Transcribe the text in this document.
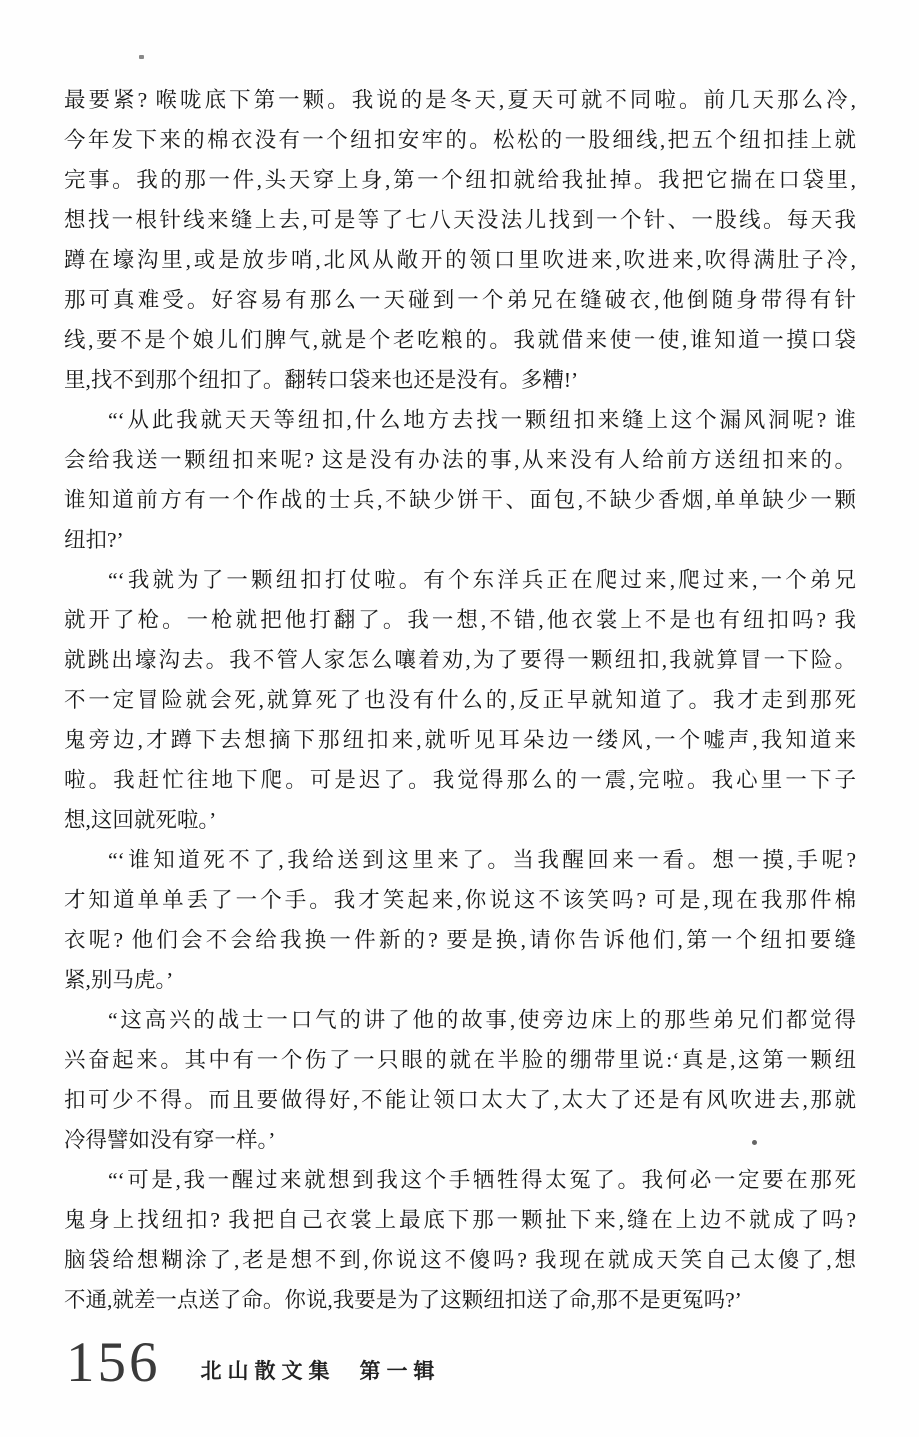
最要紧? 喉咙底下第一颗。我说的是冬天,夏天可就不同啦。前几天那么冷,
今年发下来的棉衣没有一个纽扣安牢的。松松的一股细线,把五个纽扣挂上就
完事。我的那一件,头天穿上身,第一个纽扣就给我扯掉。我把它揣在口袋里,
想找一根针线来缝上去,可是等了七八天没法儿找到一个针、一股线。每天我
蹲在壕沟里,或是放步哨,北风从敞开的领口里吹进来,吹进来,吹得满肚子冷,
那可真难受。好容易有那么一天碰到一个弟兄在缝破衣,他倒随身带得有针
线,要不是个娘儿们脾气,就是个老吃粮的。我就借来使一使,谁知道一摸口袋
里,找不到那个纽扣了。翻转口袋来也还是没有。多糟!’
“‘从此我就天天等纽扣,什么地方去找一颗纽扣来缝上这个漏风洞呢? 谁
会给我送一颗纽扣来呢? 这是没有办法的事,从来没有人给前方送纽扣来的。
谁知道前方有一个作战的士兵,不缺少饼干、面包,不缺少香烟,单单缺少一颗
纽扣?’
“‘我就为了一颗纽扣打仗啦。有个东洋兵正在爬过来,爬过来,一个弟兄
就开了枪。一枪就把他打翻了。我一想,不错,他衣裳上不是也有纽扣吗? 我
就跳出壕沟去。我不管人家怎么嚷着劝,为了要得一颗纽扣,我就算冒一下险。
不一定冒险就会死,就算死了也没有什么的,反正早就知道了。我才走到那死
鬼旁边,才蹲下去想摘下那纽扣来,就听见耳朵边一缕风,一个嘘声,我知道来
啦。我赶忙往地下爬。可是迟了。我觉得那么的一震,完啦。我心里一下子
想,这回就死啦。’
“‘谁知道死不了,我给送到这里来了。当我醒回来一看。想一摸,手呢?
才知道单单丢了一个手。我才笑起来,你说这不该笑吗? 可是,现在我那件棉
衣呢? 他们会不会给我换一件新的? 要是换,请你告诉他们,第一个纽扣要缝
紧,别马虎。’
“这高兴的战士一口气的讲了他的故事,使旁边床上的那些弟兄们都觉得
兴奋起来。其中有一个伤了一只眼的就在半脸的绷带里说:‘真是,这第一颗纽
扣可少不得。而且要做得好,不能让领口太大了,太大了还是有风吹进去,那就
冷得譬如没有穿一样。’
“‘可是,我一醒过来就想到我这个手牺牲得太冤了。我何必一定要在那死
鬼身上找纽扣? 我把自己衣裳上最底下那一颗扯下来,缝在上边不就成了吗?
脑袋给想糊涂了,老是想不到,你说这不傻吗? 我现在就成天笑自己太傻了,想
不通,就差一点送了命。你说,我要是为了这颗纽扣送了命,那不是更冤吗?’
156 北山散文集 第一辑
